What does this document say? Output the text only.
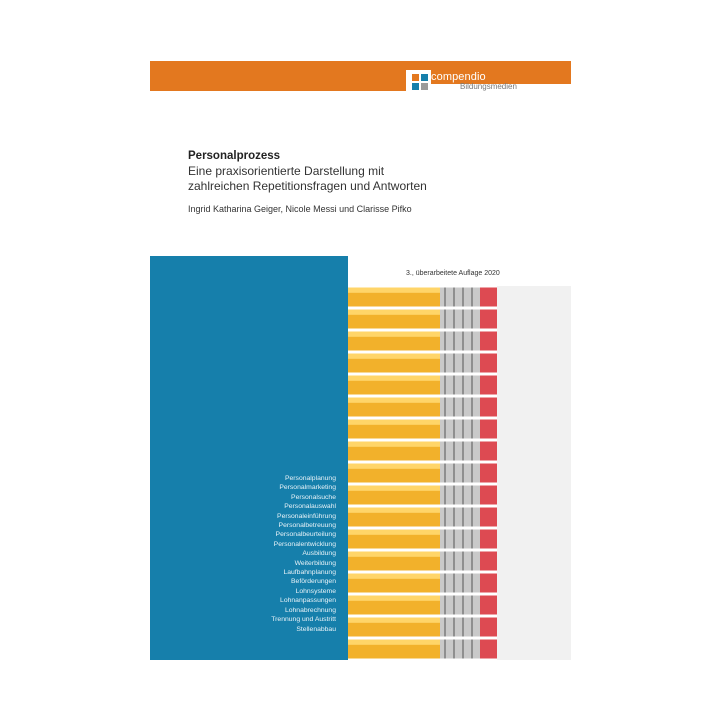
compendio
Bildungsmedien
Personalprozess
Eine praxisorientierte Darstellung mit
zahlreichen Repetitionsfragen und Antworten
Ingrid Katharina Geiger, Nicole Messi und Clarisse Pifko
3., überarbeitete Auflage 2020
Personalplanung
Personalmarketing
Personalsuche
Personalauswahl
Personaleinführung
Personalbetreuung
Personalbeurteilung
Personalentwicklung
Ausbildung
Weiterbildung
Laufbahnplanung
Beförderungen
Lohnsysteme
Lohnanpassungen
Lohnabrechnung
Trennung und Austritt
Stellenabbau
